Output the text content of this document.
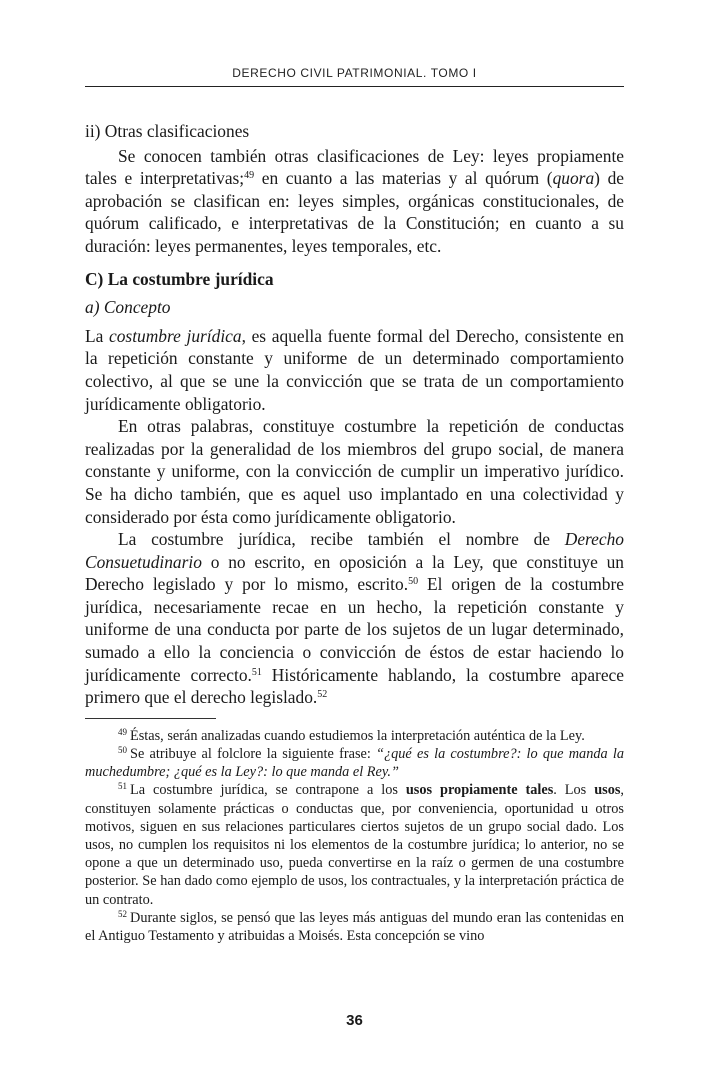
DERECHO CIVIL PATRIMONIAL. TOMO I
ii) Otras clasificaciones

Se conocen también otras clasificaciones de Ley: leyes propiamente tales e interpretativas;$^{49}$ en cuanto a las materias y al quórum (quora) de aprobación se clasifican en: leyes simples, orgánicas constitucionales, de quórum calificado, e interpretativas de la Constitución; en cuanto a su duración: leyes permanentes, leyes temporales, etc.

C) La costumbre jurídica
a) Concepto

La costumbre jurídica, es aquella fuente formal del Derecho, consistente en la repetición constante y uniforme de un determinado comportamiento colectivo, al que se une la convicción que se trata de un comportamiento jurídicamente obligatorio.

En otras palabras, constituye costumbre la repetición de conductas realizadas por la generalidad de los miembros del grupo social, de manera constante y uniforme, con la convicción de cumplir un imperativo jurídico. Se ha dicho también, que es aquel uso implantado en una colectividad y considerado por ésta como jurídicamente obligatorio.

La costumbre jurídica, recibe también el nombre de Derecho Consuetudinario o no escrito, en oposición a la Ley, que constituye un Derecho legislado y por lo mismo, escrito.$^{50}$ El origen de la costumbre jurídica, necesariamente recae en un hecho, la repetición constante y uniforme de una conducta por parte de los sujetos de un lugar determinado, sumado a ello la conciencia o convicción de éstos de estar haciendo lo jurídicamente correcto.$^{51}$ Históricamente hablando, la costumbre aparece primero que el derecho legislado.$^{52}$

$^{49}$ Éstas, serán analizadas cuando estudiemos la interpretación auténtica de la Ley.

$^{50}$ Se atribuye al folclore la siguiente frase: “¿qué es la costumbre?: lo que manda la muchedumbre; ¿qué es la Ley?: lo que manda el Rey.”

$^{51}$ La costumbre jurídica, se contrapone a los usos propiamente tales. Los usos, constituyen solamente prácticas o conductas que, por conveniencia, oportunidad u otros motivos, siguen en sus relaciones particulares ciertos sujetos de un grupo social dado. Los usos, no cumplen los requisitos ni los elementos de la costumbre jurídica; lo anterior, no se opone a que un determinado uso, pueda convertirse en la raíz o germen de una costumbre posterior. Se han dado como ejemplo de usos, los contractuales, y la interpretación práctica de un contrato.

$^{52}$ Durante siglos, se pensó que las leyes más antiguas del mundo eran las contenidas en el Antiguo Testamento y atribuidas a Moisés. Esta concepción se vino

36
